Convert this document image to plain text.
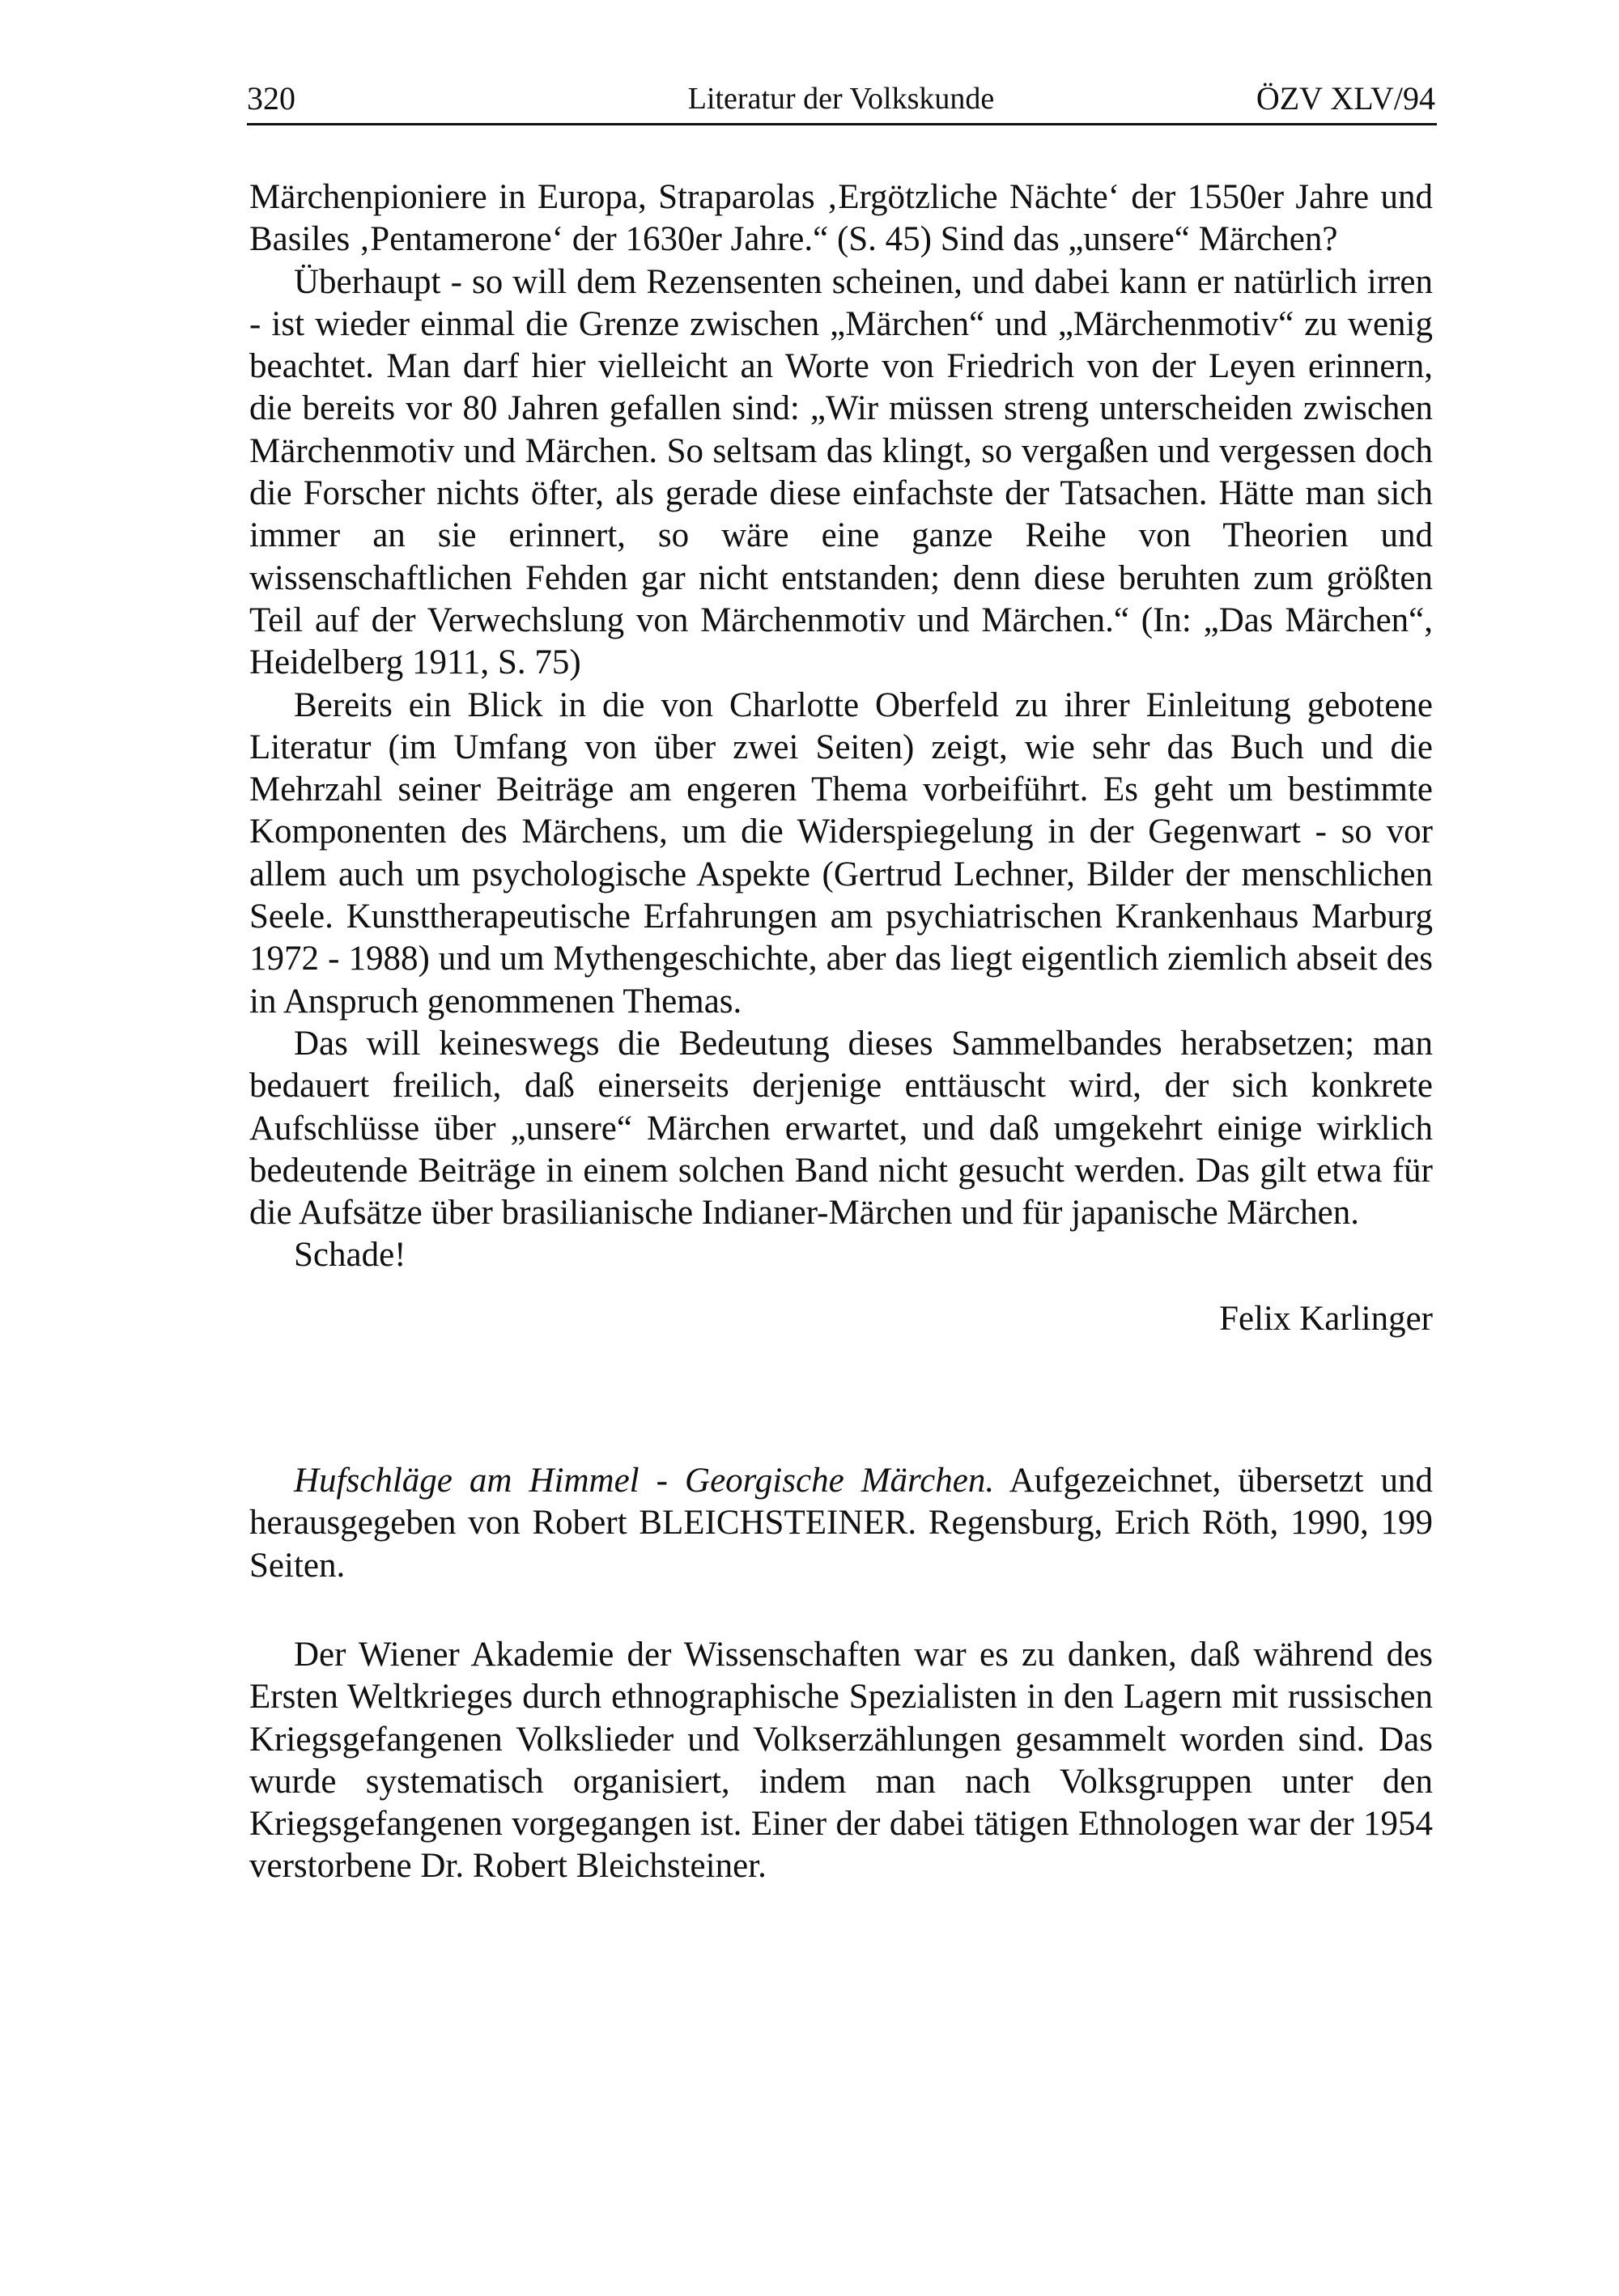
320	Literatur der Volkskunde	ÖZV XLV/94

Märchenpioniere in Europa, Straparolas ‚Ergötzliche Nächte‘ der 1550er Jahre und Basiles ‚Pentamerone‘ der 1630er Jahre.“ (S. 45) Sind das „unsere“ Märchen?

Überhaupt - so will dem Rezensenten scheinen, und dabei kann er natürlich irren - ist wieder einmal die Grenze zwischen „Märchen“ und „Märchenmotiv“ zu wenig beachtet. Man darf hier vielleicht an Worte von Friedrich von der Leyen erinnern, die bereits vor 80 Jahren gefallen sind: „Wir müssen streng unterscheiden zwischen Märchenmotiv und Märchen. So seltsam das klingt, so vergaßen und vergessen doch die Forscher nichts öfter, als gerade diese einfachste der Tatsachen. Hätte man sich immer an sie erinnert, so wäre eine ganze Reihe von Theorien und wissenschaftlichen Fehden gar nicht entstanden; denn diese beruhten zum größten Teil auf der Verwechslung von Märchenmotiv und Märchen.“ (In: „Das Märchen“, Heidelberg 1911, S. 75)

Bereits ein Blick in die von Charlotte Oberfeld zu ihrer Einleitung gebotene Literatur (im Umfang von über zwei Seiten) zeigt, wie sehr das Buch und die Mehrzahl seiner Beiträge am engeren Thema vorbeiführt. Es geht um bestimmte Komponenten des Märchens, um die Widerspiegelung in der Gegenwart - so vor allem auch um psychologische Aspekte (Gertrud Lechner, Bilder der menschlichen Seele. Kunsttherapeutische Erfahrungen am psychiatrischen Krankenhaus Marburg 1972 - 1988) und um Mythengeschichte, aber das liegt eigentlich ziemlich abseit des in Anspruch genommenen Themas.

Das will keineswegs die Bedeutung dieses Sammelbandes herabsetzen; man bedauert freilich, daß einerseits derjenige enttäuscht wird, der sich konkrete Aufschlüsse über „unsere“ Märchen erwartet, und daß umgekehrt einige wirklich bedeutende Beiträge in einem solchen Band nicht gesucht werden. Das gilt etwa für die Aufsätze über brasilianische Indianer-Märchen und für japanische Märchen.

Schade!

Felix Karlinger

Hufschläge am Himmel - Georgische Märchen. Aufgezeichnet, übersetzt und herausgegeben von Robert BLEICHSTEINER. Regensburg, Erich Röth, 1990, 199 Seiten.

Der Wiener Akademie der Wissenschaften war es zu danken, daß während des Ersten Weltkrieges durch ethnographische Spezialisten in den Lagern mit russischen Kriegsgefangenen Volkslieder und Volkserzählungen gesammelt worden sind. Das wurde systematisch organisiert, indem man nach Volksgruppen unter den Kriegsgefangenen vorgegangen ist. Einer der dabei tätigen Ethnologen war der 1954 verstorbene Dr. Robert Bleichsteiner.
